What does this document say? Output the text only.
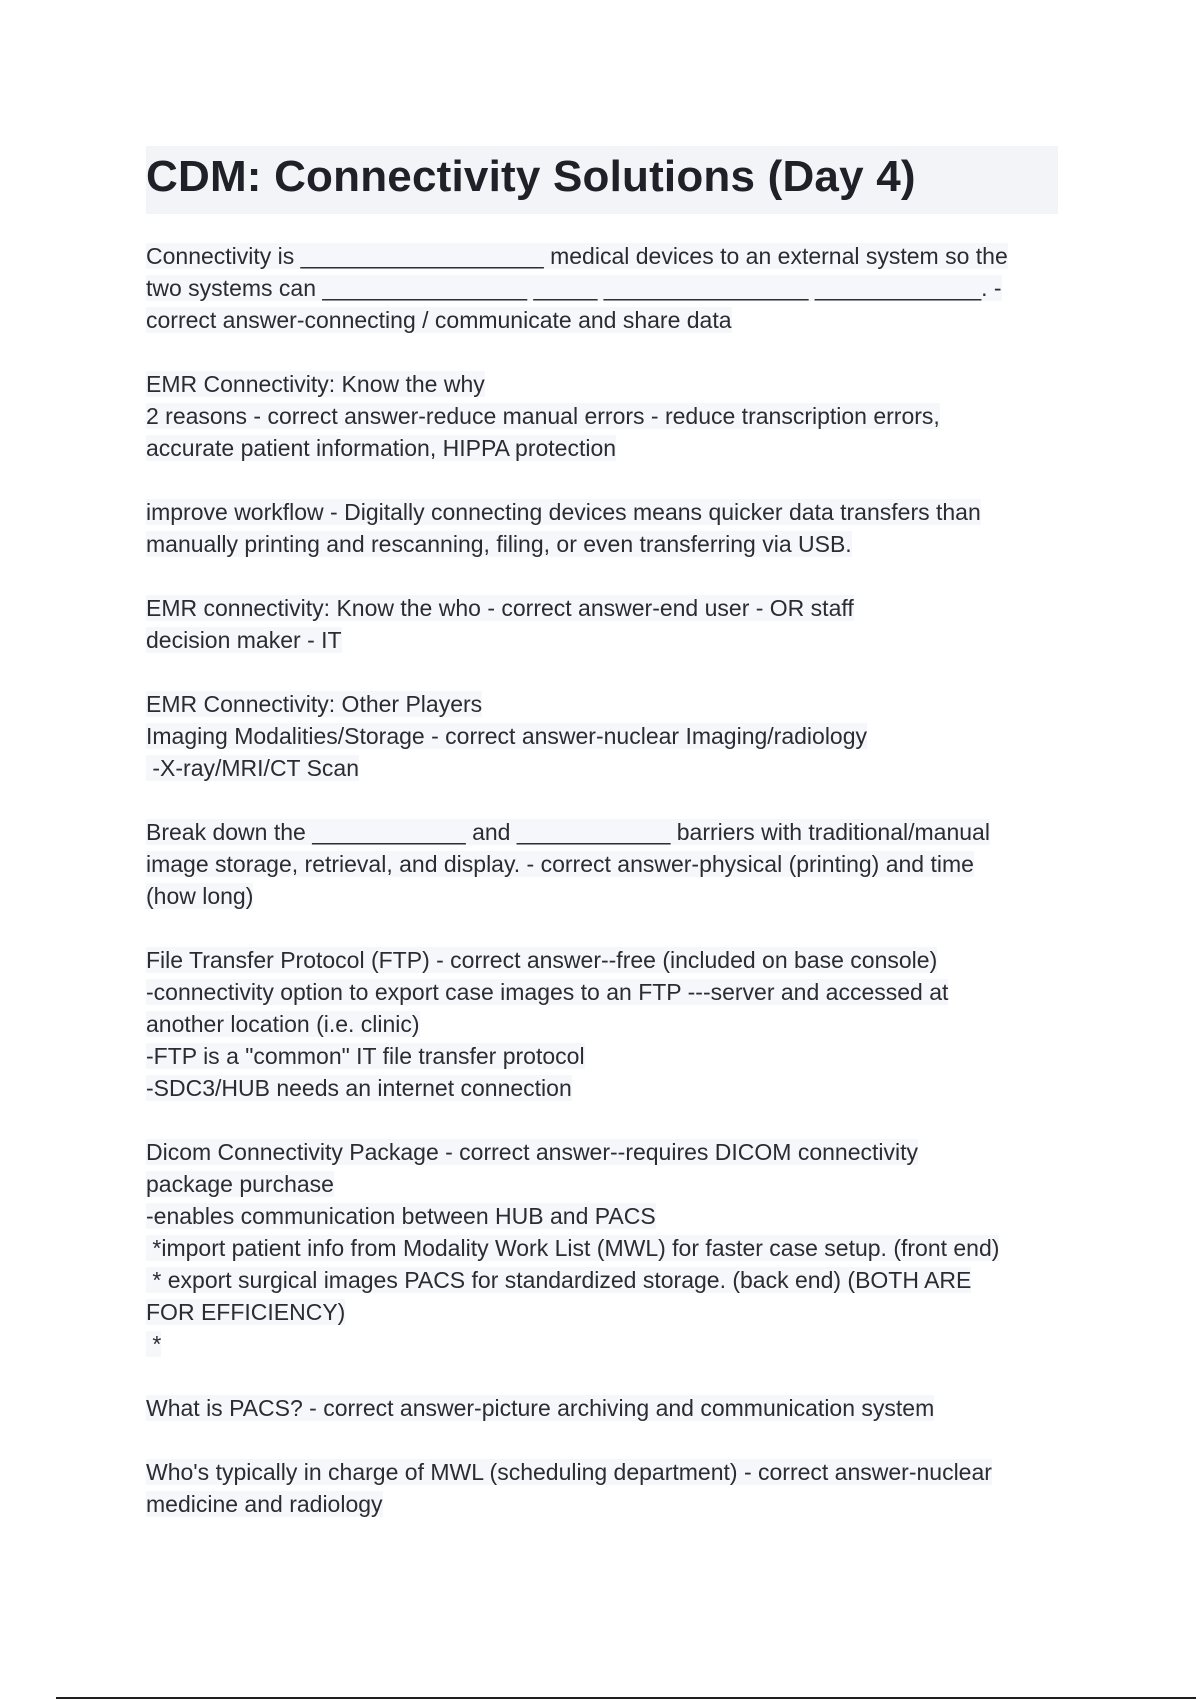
CDM: Connectivity Solutions (Day 4)
Connectivity is ___________________ medical devices to an external system so the
two systems can ________________ _____ ________________ _____________. -
correct answer-connecting / communicate and share data
EMR Connectivity: Know the why
2 reasons - correct answer-reduce manual errors - reduce transcription errors,
accurate patient information, HIPPA protection
improve workflow - Digitally connecting devices means quicker data transfers than
manually printing and rescanning, filing, or even transferring via USB.
EMR connectivity: Know the who - correct answer-end user - OR staff
decision maker - IT
EMR Connectivity: Other Players
Imaging Modalities/Storage - correct answer-nuclear Imaging/radiology
-X-ray/MRI/CT Scan
Break down the ____________ and ____________ barriers with traditional/manual
image storage, retrieval, and display. - correct answer-physical (printing) and time
(how long)
File Transfer Protocol (FTP) - correct answer--free (included on base console)
-connectivity option to export case images to an FTP ---server and accessed at
another location (i.e. clinic)
-FTP is a "common" IT file transfer protocol
-SDC3/HUB needs an internet connection
Dicom Connectivity Package - correct answer--requires DICOM connectivity
package purchase
-enables communication between HUB and PACS
*import patient info from Modality Work List (MWL) for faster case setup. (front end)
* export surgical images PACS for standardized storage. (back end) (BOTH ARE
FOR EFFICIENCY)
*
What is PACS? - correct answer-picture archiving and communication system
Who's typically in charge of MWL (scheduling department) - correct answer-nuclear
medicine and radiology
